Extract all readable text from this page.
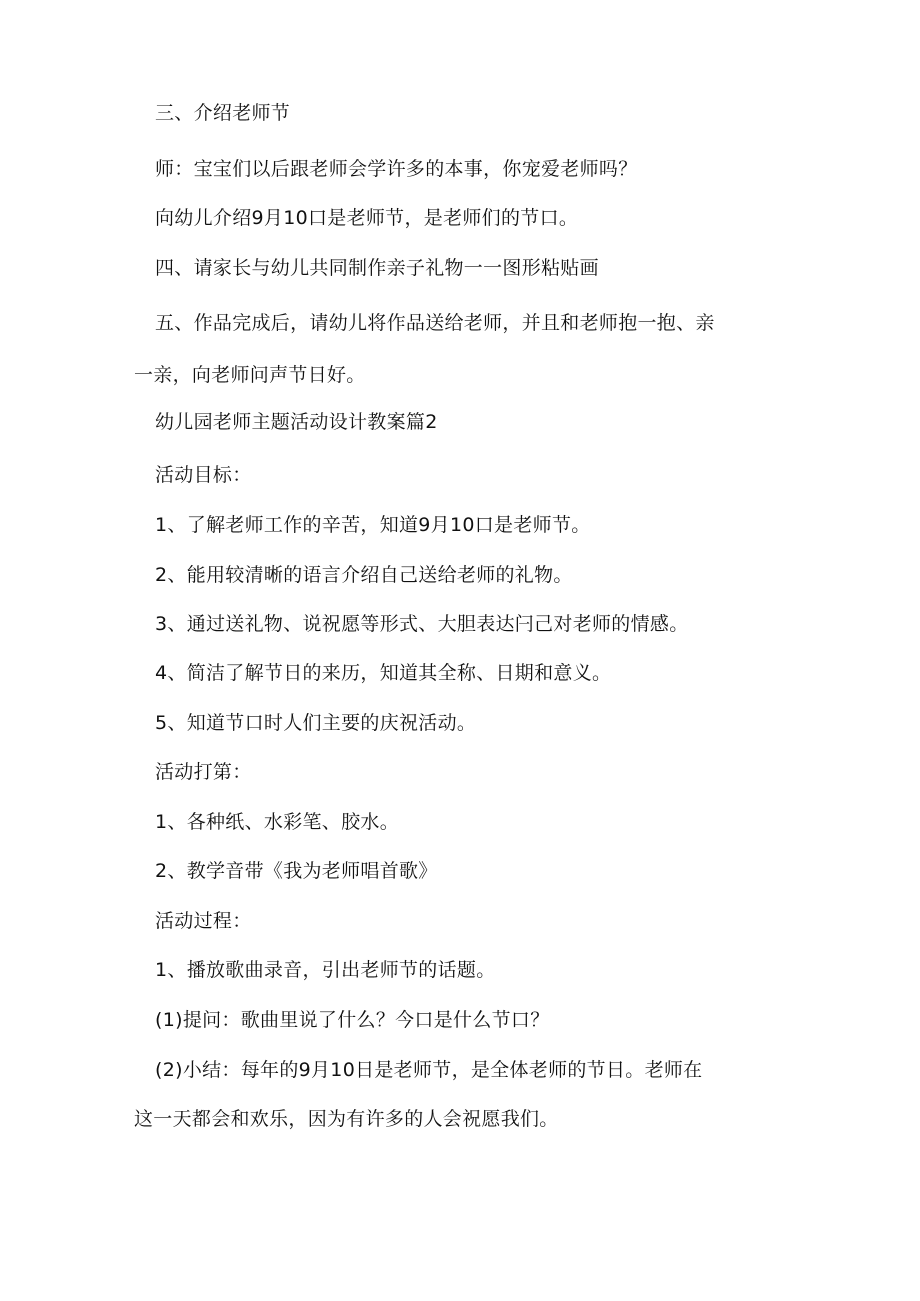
三、介绍老师节
师：宝宝们以后跟老师会学许多的本事，你宠爱老师吗？
向幼儿介绍9月10口是老师节，是老师们的节口。
四、请家长与幼儿共同制作亲子礼物一一图形粘贴画
五、作品完成后，请幼儿将作品送给老师，并且和老师抱一抱、亲
一亲，向老师问声节日好。
幼儿园老师主题活动设计教案篇2
活动目标：
1、了解老师工作的辛苦，知道9月10口是老师节。
2、能用较清晰的语言介绍自己送给老师的礼物。
3、通过送礼物、说祝愿等形式、大胆表达闩己对老师的情感。
4、简洁了解节日的来历，知道其全称、日期和意义。
5、知道节口时人们主要的庆祝活动。
活动打第：
1、各种纸、水彩笔、胶水。
2、教学音带《我为老师唱首歌》
活动过程：
1、播放歌曲录音，引出老师节的话题。
(1)提问：歌曲里说了什么？今口是什么节口？
(2)小结：每年的9月10日是老师节，是全体老师的节日。老师在
这一天都会和欢乐，因为有许多的人会祝愿我们。
